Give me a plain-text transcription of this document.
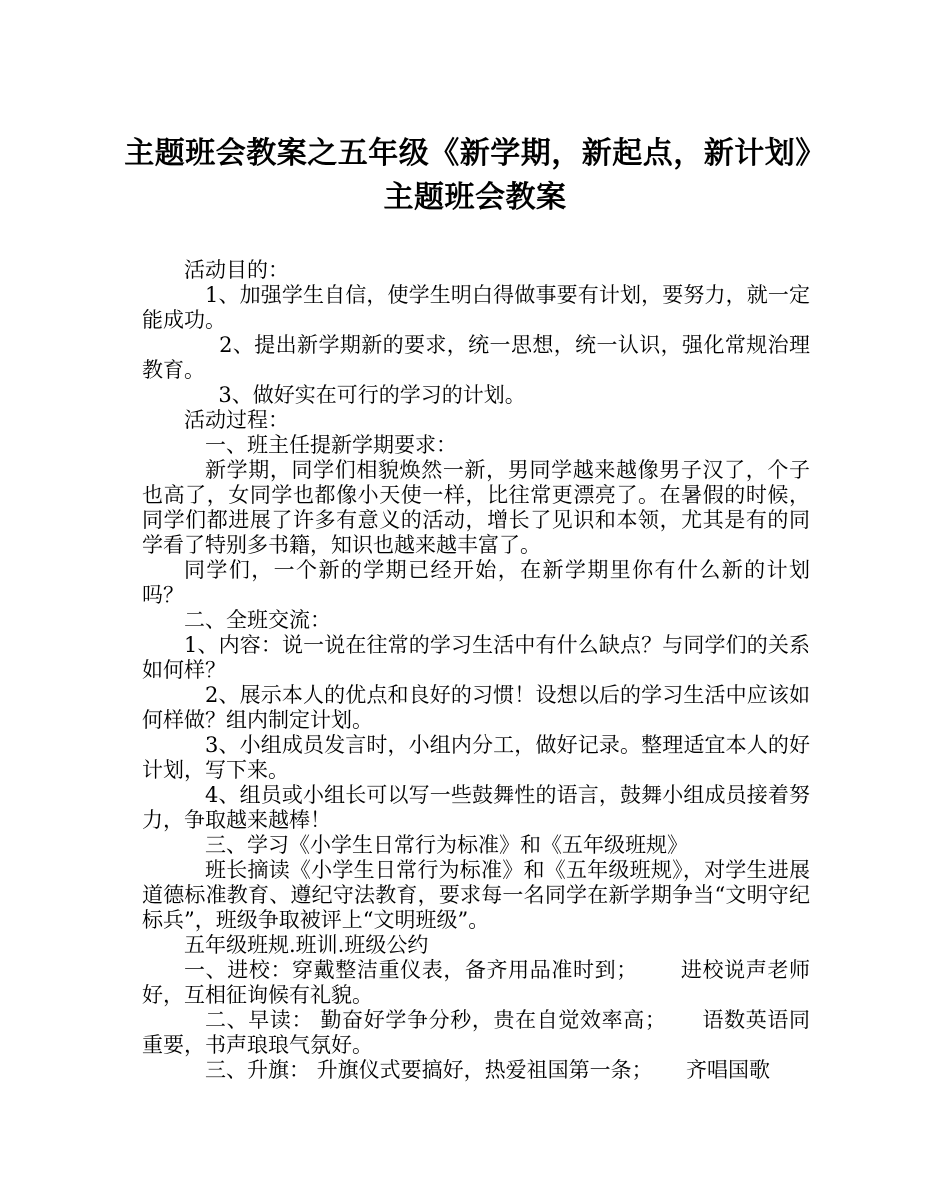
主题班会教案之五年级《新学期，新起点，新计划》主题班会教案

活动目的：

1、加强学生自信，使学生明白得做事要有计划，要努力，就一定能成功。

2、提出新学期新的要求，统一思想，统一认识，强化常规治理教育。

3、做好实在可行的学习的计划。

活动过程：

一、班主任提新学期要求：

新学期，同学们相貌焕然一新，男同学越来越像男子汉了，个子也高了，女同学也都像小天使一样，比往常更漂亮了。在暑假的时候，同学们都进展了许多有意义的活动，增长了见识和本领，尤其是有的同学看了特别多书籍，知识也越来越丰富了。

同学们，一个新的学期已经开始，在新学期里你有什么新的计划吗？

二、全班交流：

1、内容：说一说在往常的学习生活中有什么缺点？与同学们的关系如何样？

2、展示本人的优点和良好的习惯！设想以后的学习生活中应该如何样做？组内制定计划。

3、小组成员发言时，小组内分工，做好记录。整理适宜本人的好计划，写下来。

4、组员或小组长可以写一些鼓舞性的语言，鼓舞小组成员接着努力，争取越来越棒！

三、学习《小学生日常行为标准》和《五年级班规》

班长摘读《小学生日常行为标准》和《五年级班规》，对学生进展道德标准教育、遵纪守法教育，要求每一名同学在新学期争当“文明守纪标兵”，班级争取被评上“文明班级”。

五年级班规.班训.班级公约

一、进校：穿戴整洁重仪表，备齐用品准时到；      进校说声老师好，互相征询候有礼貌。

二、早读： 勤奋好学争分秒，贵在自觉效率高；     语数英语同重要，书声琅琅气氛好。

三、升旗： 升旗仪式要搞好，热爱祖国第一条；     齐唱国歌
